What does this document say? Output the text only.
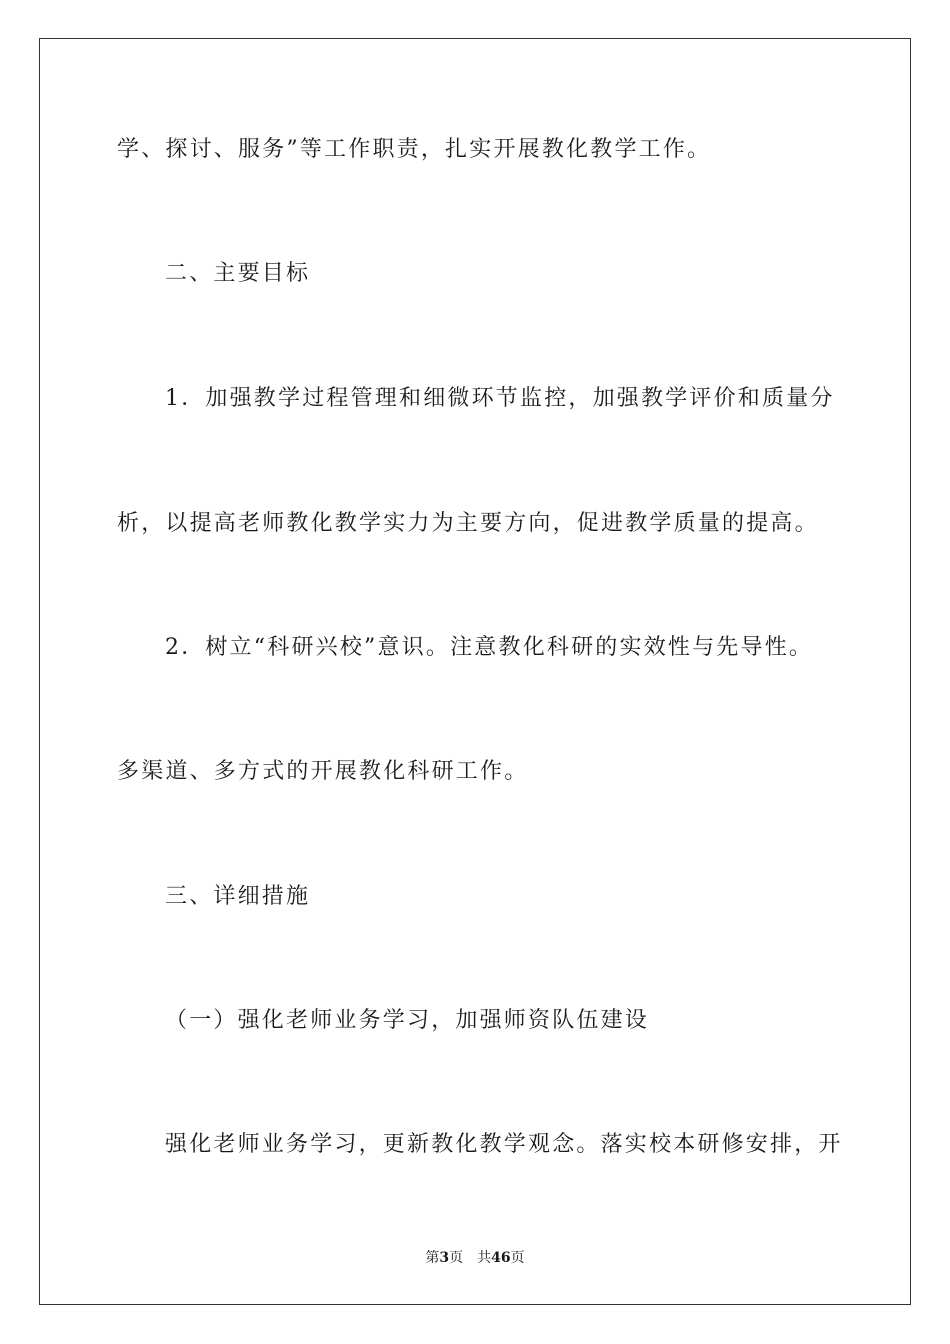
学、探讨、服务”等工作职责，扎实开展教化教学工作。
二、主要目标
1．加强教学过程管理和细微环节监控，加强教学评价和质量分
析，以提高老师教化教学实力为主要方向，促进教学质量的提高。
2．树立“科研兴校”意识。注意教化科研的实效性与先导性。
多渠道、多方式的开展教化科研工作。
三、详细措施
（一）强化老师业务学习，加强师资队伍建设
强化老师业务学习，更新教化教学观念。落实校本研修安排，开
第3页 共46页
